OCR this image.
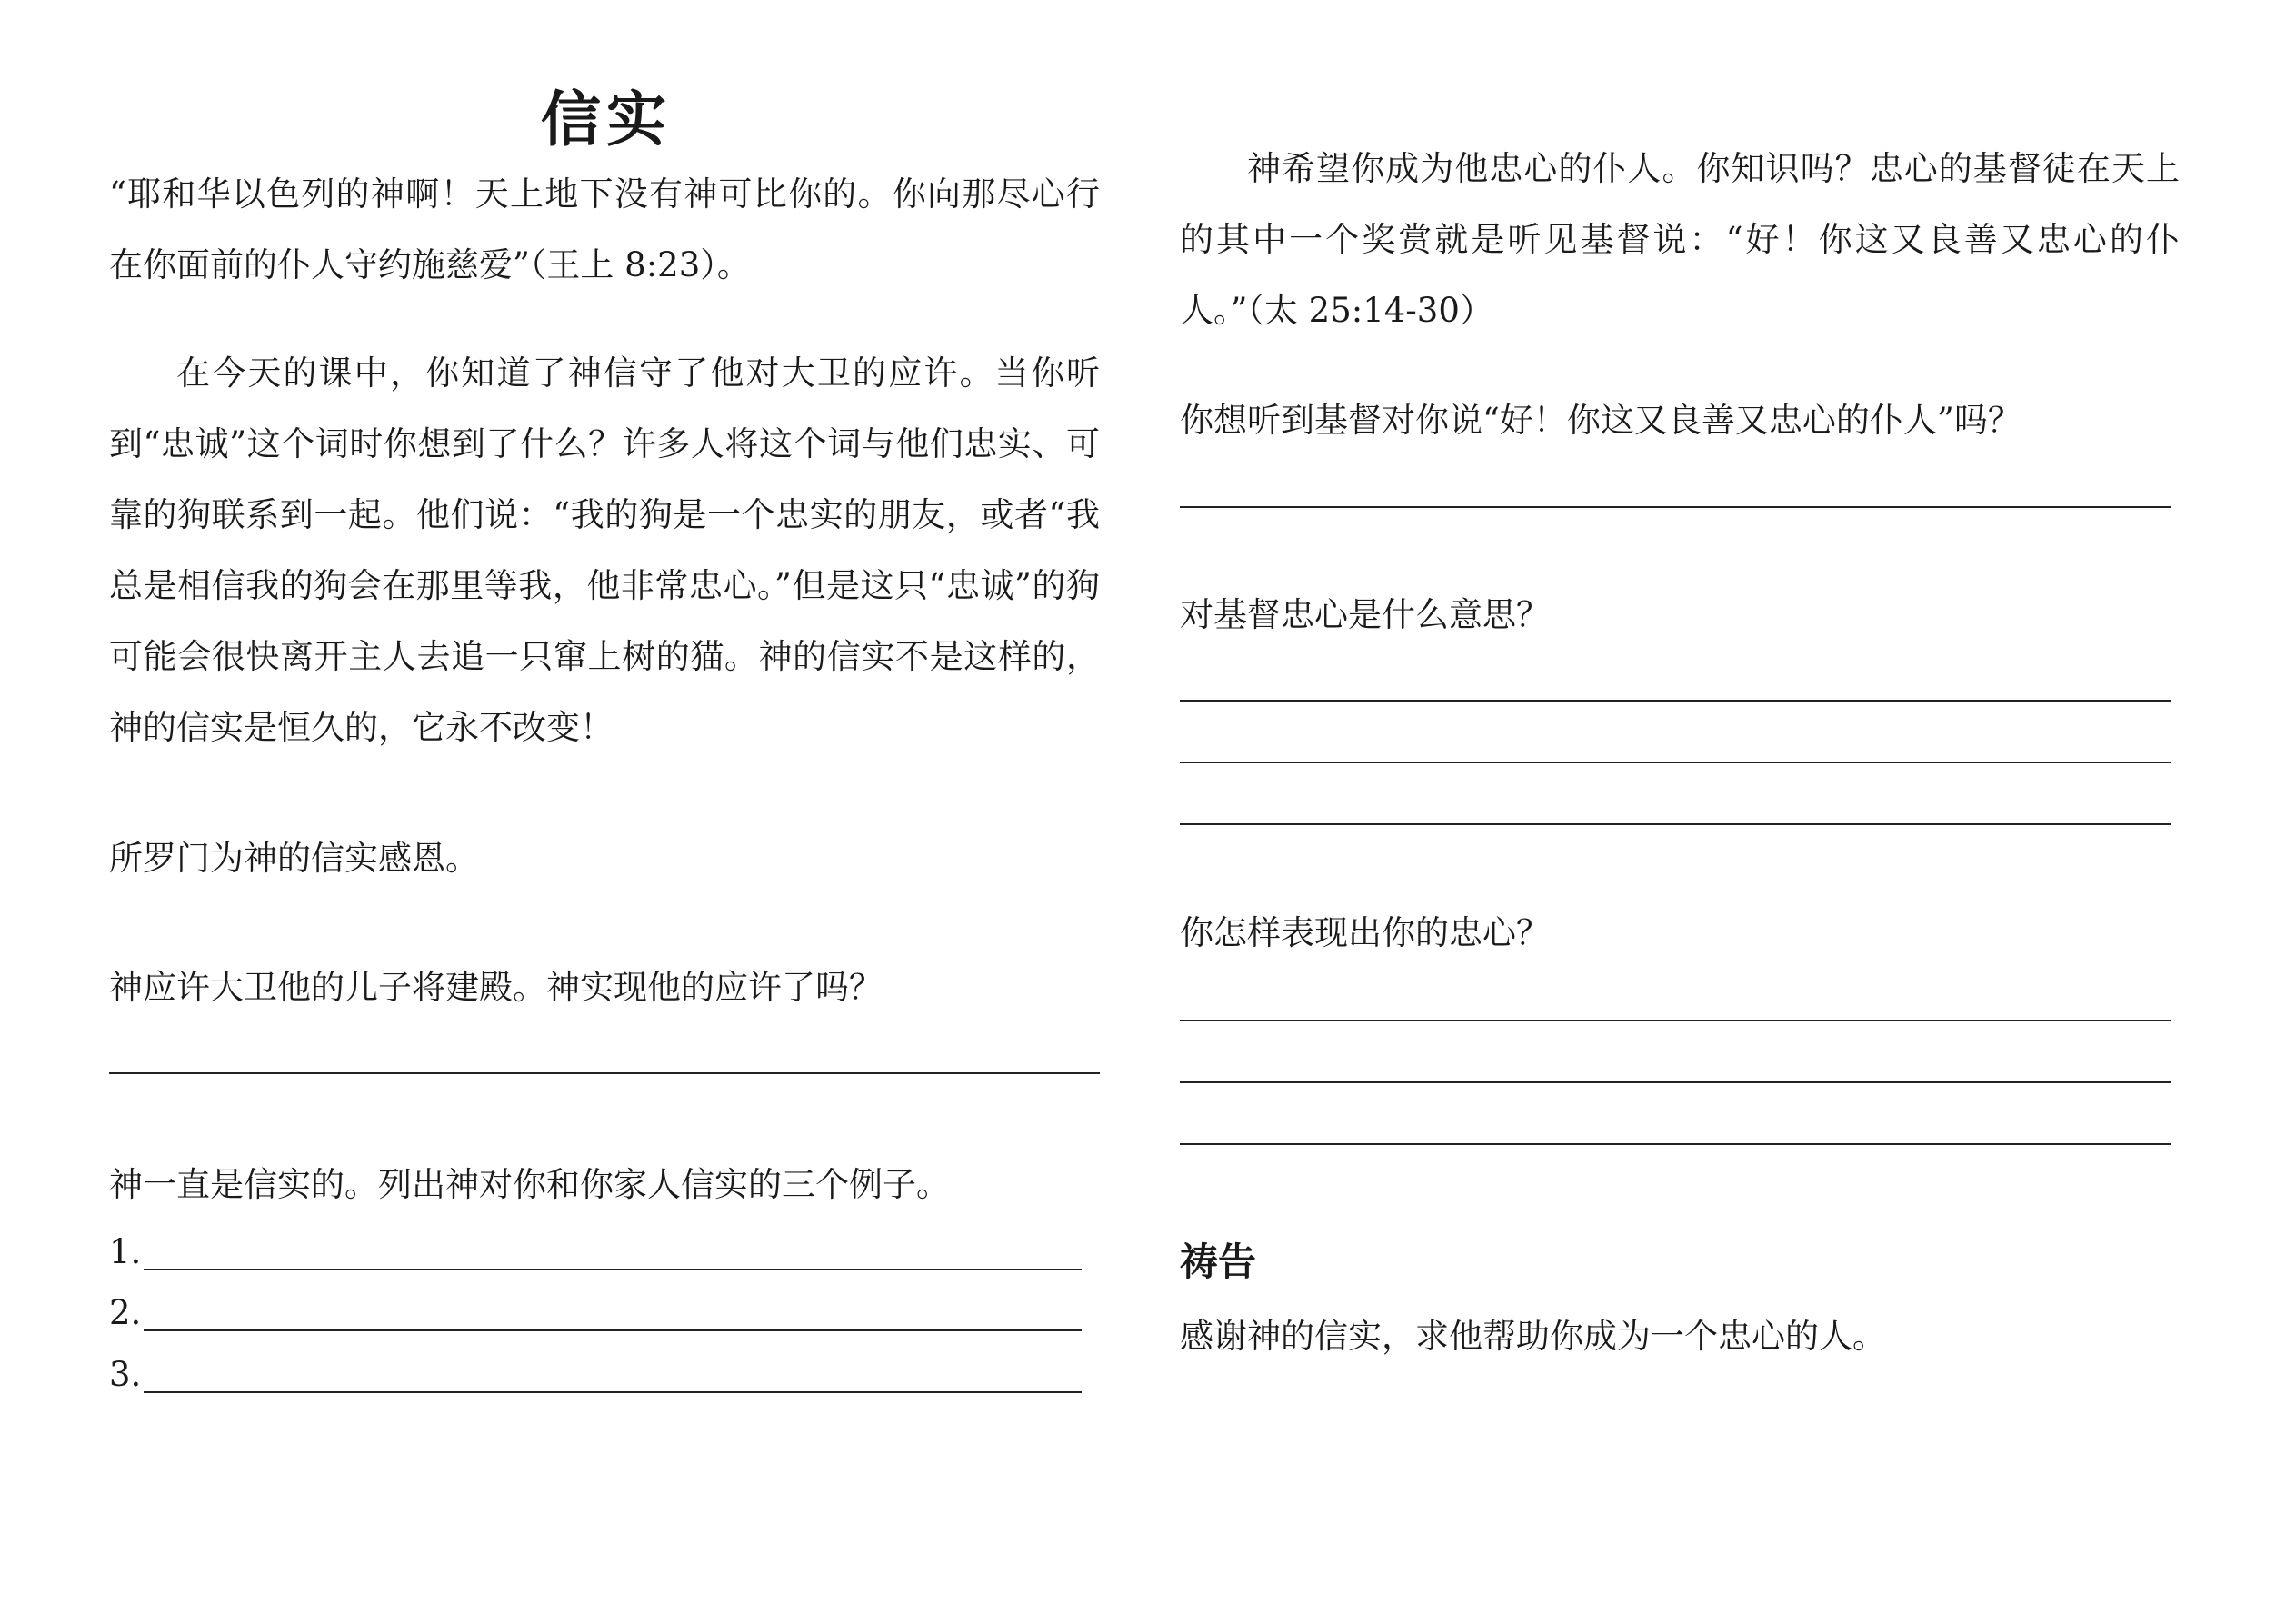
信实

“耶和华以色列的神啊！天上地下没有神可比你的。你向那尽心行在你面前的仆人守约施慈爱”（王上 8:23）。

在今天的课中，你知道了神信守了他对大卫的应许。当你听到“忠诚”这个词时你想到了什么？许多人将这个词与他们忠实、可靠的狗联系到一起。他们说：“我的狗是一个忠实的朋友，或者“我总是相信我的狗会在那里等我，他非常忠心。”但是这只“忠诚”的狗可能会很快离开主人去追一只窜上树的猫。神的信实不是这样的，神的信实是恒久的，它永不改变！

所罗门为神的信实感恩。

神应许大卫他的儿子将建殿。神实现他的应许了吗？

神一直是信实的。列出神对你和你家人信实的三个例子。

1.
2.
3.

神希望你成为他忠心的仆人。你知识吗？忠心的基督徒在天上的其中一个奖赏就是听见基督说：“好！你这又良善又忠心的仆人。”（太 25:14-30）

你想听到基督对你说“好！你这又良善又忠心的仆人”吗？

对基督忠心是什么意思？

你怎样表现出你的忠心？

祷告

感谢神的信实，求他帮助你成为一个忠心的人。
